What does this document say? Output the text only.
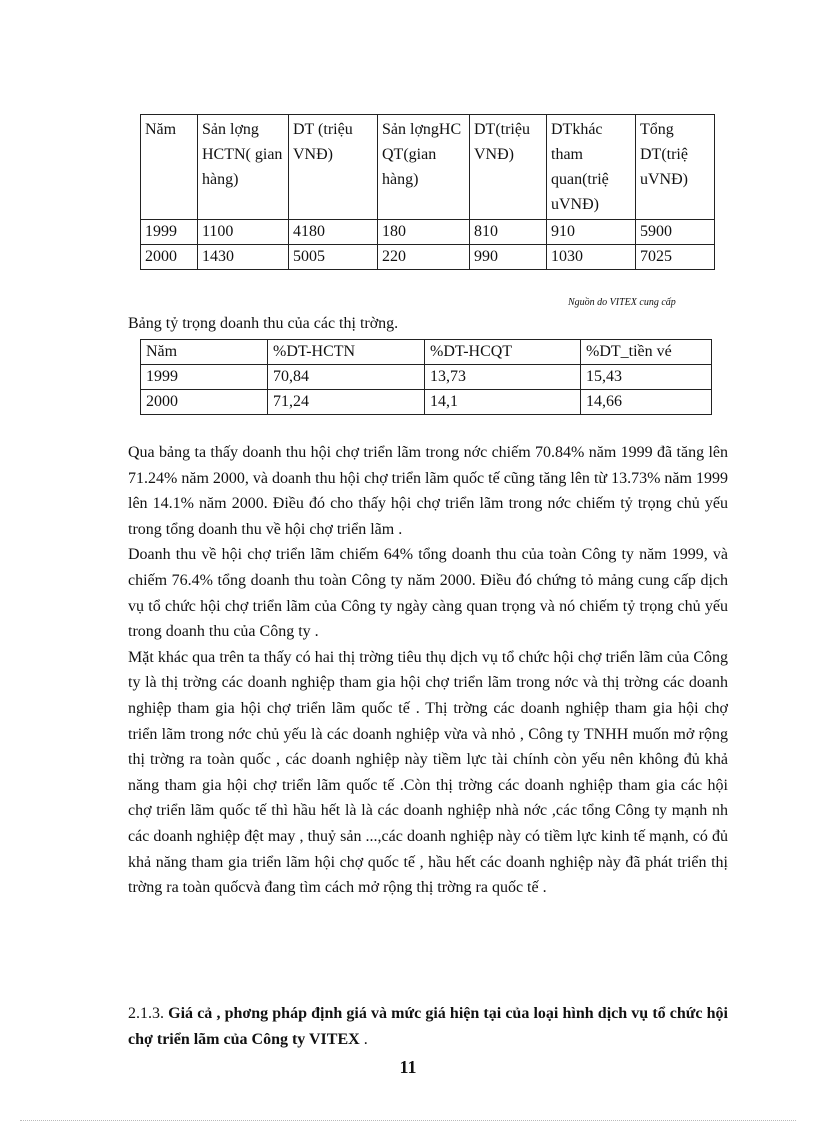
Năm	Sản lợng HCTN( gian hàng)	DT (triệu VNĐ)	Sản lợngHC QT(gian hàng)	DT(triệu VNĐ)	DTkhác tham quan(triệ uVNĐ)	Tổng DT(triệ uVNĐ)
1999	1100	4180	180	810	910	5900
2000	1430	5005	220	990	1030	7025
Nguồn do VITEX cung cấp
Bảng tỷ trọng doanh thu của các thị trờng.
Năm	%DT-HCTN	%DT-HCQT	%DT_tiền vé
1999	70,84	13,73	15,43
2000	71,24	14,1	14,66

Qua bảng ta thấy doanh thu hội chợ triển lãm trong nớc chiếm 70.84% năm 1999 đã tăng lên 71.24% năm 2000, và doanh thu hội chợ triển lãm quốc tế cũng tăng lên từ 13.73% năm 1999 lên 14.1% năm 2000. Điều đó cho thấy hội chợ triển lãm trong nớc chiếm tỷ trọng chủ yếu trong tổng doanh thu về hội chợ triển lãm .

Doanh thu về hội chợ triển lãm chiếm 64% tổng doanh thu của toàn Công ty năm 1999, và chiếm 76.4% tổng doanh thu toàn Công ty năm 2000. Điều đó chứng tỏ mảng cung cấp dịch vụ tổ chức hội chợ triển lãm của Công ty ngày càng quan trọng và nó chiếm tỷ trọng chủ yếu trong doanh thu của Công ty .

Mặt khác qua trên ta thấy có hai thị trờng tiêu thụ dịch vụ tổ chức hội chợ triển lãm của Công ty là thị trờng các doanh nghiệp tham gia hội chợ triển lãm trong nớc và thị trờng các doanh nghiệp tham gia hội chợ triển lãm quốc tế . Thị trờng các doanh nghiệp tham gia hội chợ triển lãm trong nớc chủ yếu là các doanh nghiệp vừa và nhỏ , Công ty TNHH muốn mở rộng thị trờng ra toàn quốc , các doanh nghiệp này tiềm lực tài chính còn yếu nên không đủ khả năng tham gia hội chợ triển lãm quốc tế .Còn thị trờng các doanh nghiệp tham gia các hội chợ triển lãm quốc tế thì hầu hết là là các doanh nghiệp nhà nớc ,các tổng Công ty mạnh nh các doanh nghiệp đệt may , thuỷ sản ...,các doanh nghiệp này có tiềm lực kinh tế mạnh, có đủ khả năng tham gia triển lãm hội chợ quốc tế , hầu hết các doanh nghiệp này đã phát triển thị trờng ra toàn quốcvà đang tìm cách mở rộng thị trờng ra quốc tế .

2.1.3. Giá cả , phơng pháp định giá và mức giá hiện tại của loại hình dịch vụ tổ chức hội chợ triển lãm của Công ty VITEX .
11
